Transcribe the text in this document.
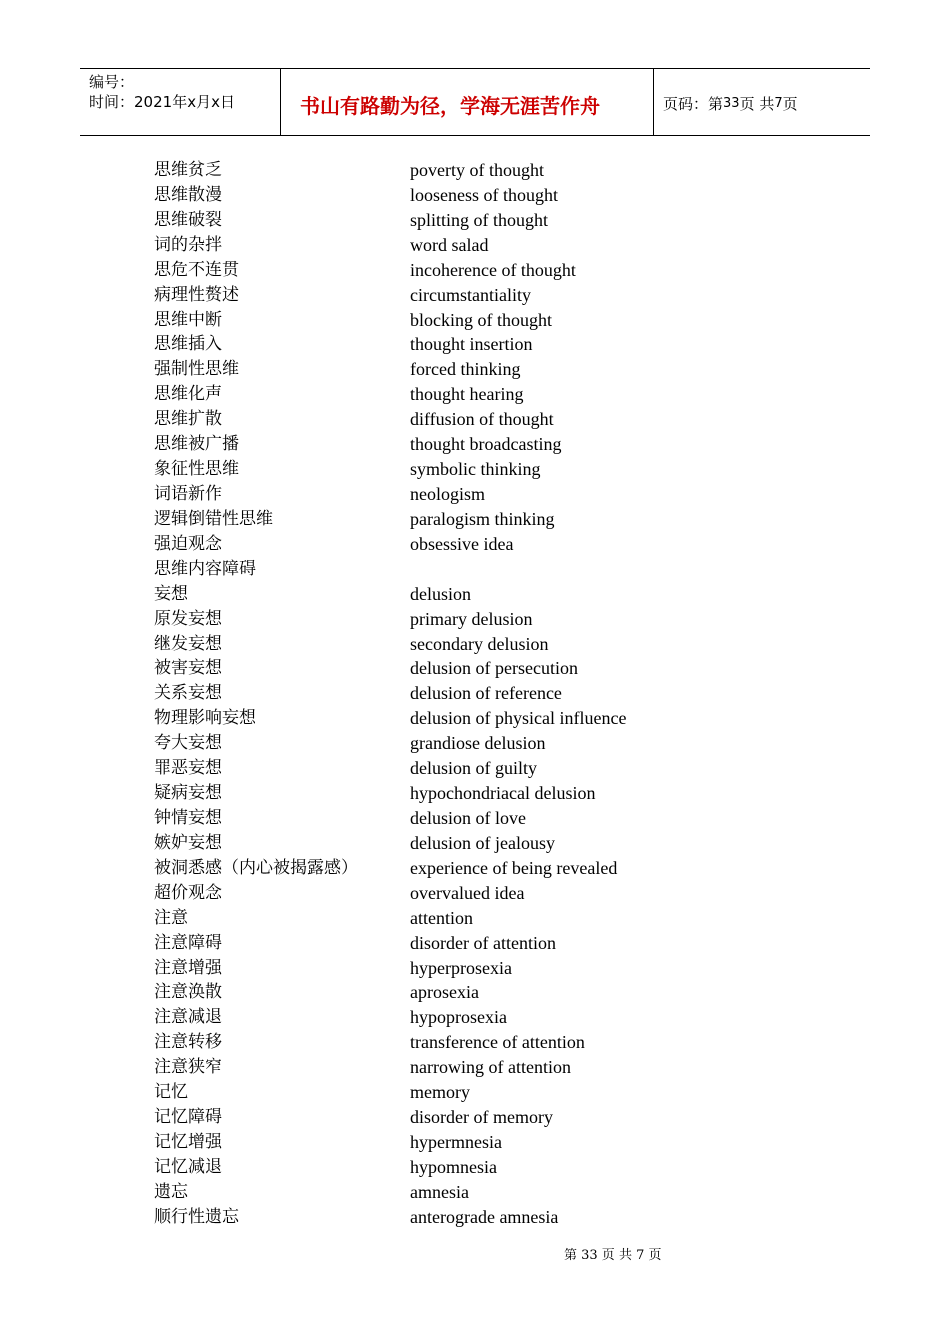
编号：
时间：2021年x月x日	书山有路勤为径，学海无涯苦作舟	页码：第 33 页 共 7 页
思维贫乏	poverty of thought
思维散漫	looseness of thought
思维破裂	splitting of thought
词的杂拌	word salad
思危不连贯	incoherence of thought
病理性赘述	circumstantiality
思维中断	blocking of thought
思维插入	thought insertion
强制性思维	forced thinking
思维化声	thought hearing
思维扩散	diffusion of thought
思维被广播	thought broadcasting
象征性思维	symbolic thinking
词语新作	neologism
逻辑倒错性思维	paralogism thinking
强迫观念	obsessive idea
思维内容障碍
妄想	delusion
原发妄想	primary delusion
继发妄想	secondary delusion
被害妄想	delusion of persecution
关系妄想	delusion of reference
物理影响妄想	delusion of physical influence
夸大妄想	grandiose delusion
罪恶妄想	delusion of guilty
疑病妄想	hypochondriacal delusion
钟情妄想	delusion of love
嫉妒妄想	delusion of jealousy
被洞悉感（内心被揭露感）	experience of being revealed
超价观念	overvalued idea
注意	attention
注意障碍	disorder of attention
注意增强	hyperprosexia
注意涣散	aprosexia
注意减退	hypoprosexia
注意转移	transference of attention
注意狭窄	narrowing of attention
记忆	memory
记忆障碍	disorder of memory
记忆增强	hypermnesia
记忆减退	hypomnesia
遗忘	amnesia
顺行性遗忘	anterograde amnesia
第 33 页 共 7 页
